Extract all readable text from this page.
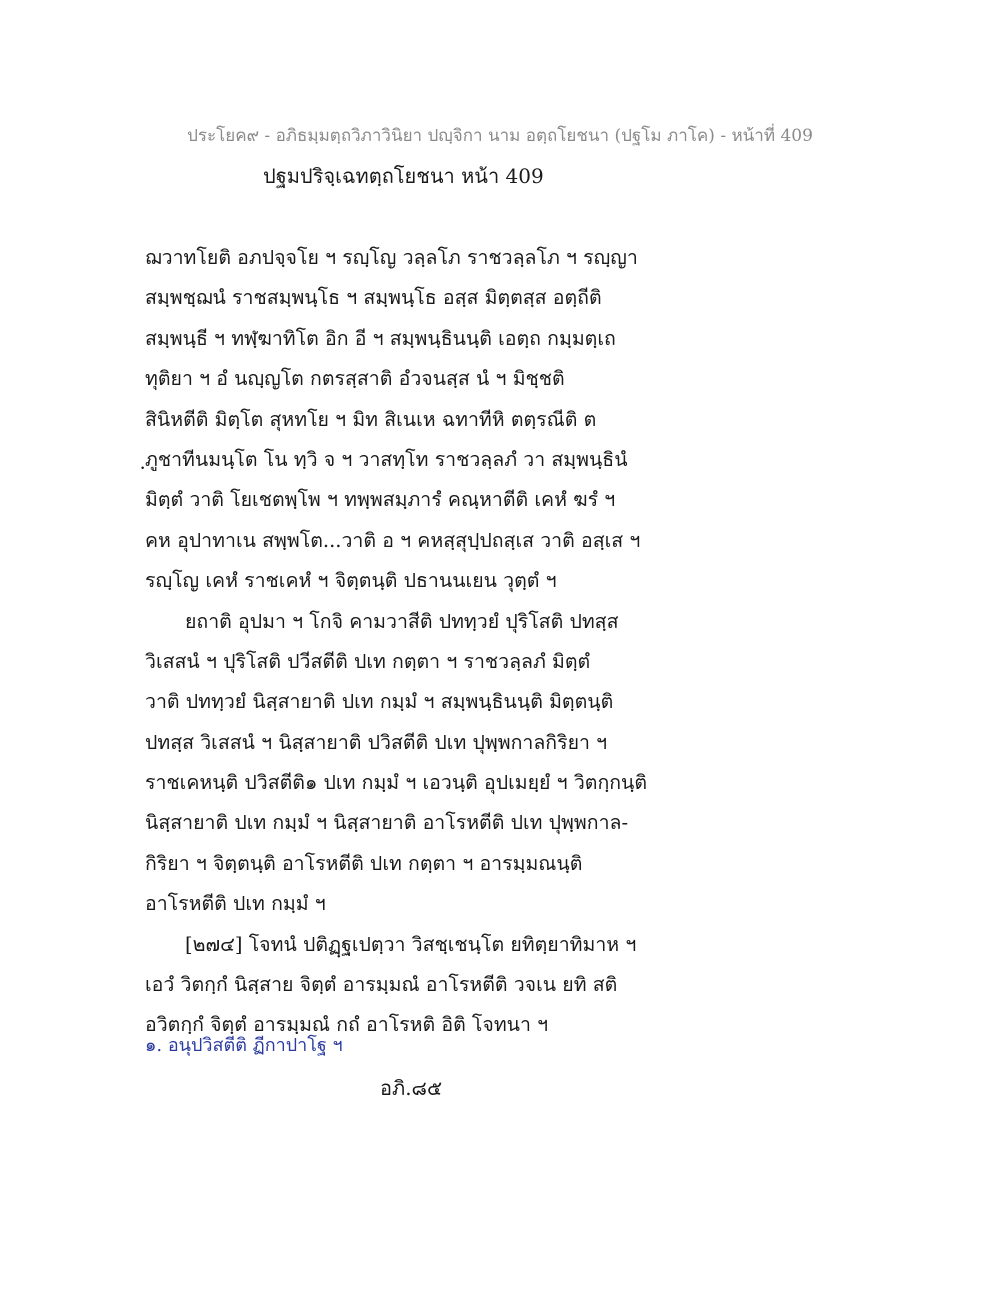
ประโยค๙ - อภิธมฺมตฺถวิภาวินิยา ปญฺจิกา นาม อตฺถโยชนา (ปฐโม ภาโค) - หน้าที่ 409
ปฐมปริจฺเฉทตฺถโยชนา หน้า 409
ฌวาทโยติ อภปจฺจโย ฯ รญฺโญ วลฺลโภ ราชวลฺลโภ ฯ รญฺญา
สมฺพชฺฌนํ ราชสมฺพนฺโธ ฯ สมฺพนฺโธ อสฺส มิตฺตสฺส อตฺถีติ
สมฺพนฺธี ฯ ทฬฺฆาทิโต อิก อี ฯ สมฺพนฺธินนฺติ เอตฺถ กมฺมตฺเถ
ทุติยา ฯ อํ นญฺญโต กตรสฺสาติ อํวจนสฺส นํ ฯ มิชฺชติ
สินิหตีติ มิตฺโต สุหทโย ฯ มิท สิเนเห ฉทาทีหิ ตตฺรณีติ ต
ฺภูชาทีนมนฺโต โน ทฺวิ จ ฯ วาสทฺโท ราชวลฺลภํ วา สมฺพนฺธินํ
มิตฺตํ วาติ โยเชตพฺโพ ฯ ทพฺพสมฺภารํ คณฺหาตีติ เคหํ ฆรํ ฯ
คห อุปาทาเน สพฺพโต...วาติ อ ฯ คหสฺสุปฺปถสฺเส วาติ อสฺเส ฯ
รญฺโญ เคหํ ราชเคหํ ฯ จิตฺตนฺติ ปธานนเยน วุตฺตํ ฯ
ยถาติ อุปมา ฯ โกจิ คามวาสีติ ปททฺวยํ ปุริโสติ ปทสฺส
วิเสสนํ ฯ ปุริโสติ ปวีสตีติ ปเท กตฺตา ฯ ราชวลฺลภํ มิตฺตํ
วาติ ปททฺวยํ นิสฺสายาติ ปเท กมฺมํ ฯ สมฺพนฺธินนฺติ มิตฺตนฺติ
ปทสฺส วิเสสนํ ฯ นิสฺสายาติ ปวิสตีติ ปเท ปุพฺพกาลกิริยา ฯ
ราชเคหนฺติ ปวิสตีติ๑ ปเท กมฺมํ ฯ เอวนฺติ อุปเมยฺยํ ฯ วิตกฺกนฺติ
นิสฺสายาติ ปเท กมฺมํ ฯ นิสฺสายาติ อาโรหตีติ ปเท ปุพฺพกาล-
กิริยา ฯ จิตฺตนฺติ อาโรหตีติ ปเท กตฺตา ฯ อารมฺมณนฺติ
อาโรหตีติ ปเท กมฺมํ ฯ
[๒๗๔] โจทนํ ปติฏฺฐเปตฺวา วิสชฺเชนฺโต ยทิตฺยาทิมาห ฯ
เอวํ วิตกฺกํ นิสฺสาย จิตฺตํ อารมฺมณํ อาโรหตีติ วจเน ยทิ สติ
อวิตกฺกํ จิตฺตํ อารมฺมณํ กถํ อาโรหติ อิติ โจทนา ฯ
๑. อนุปวิสตีติ ฏีกาปาโฐ ฯ
อภิ.๘๕
